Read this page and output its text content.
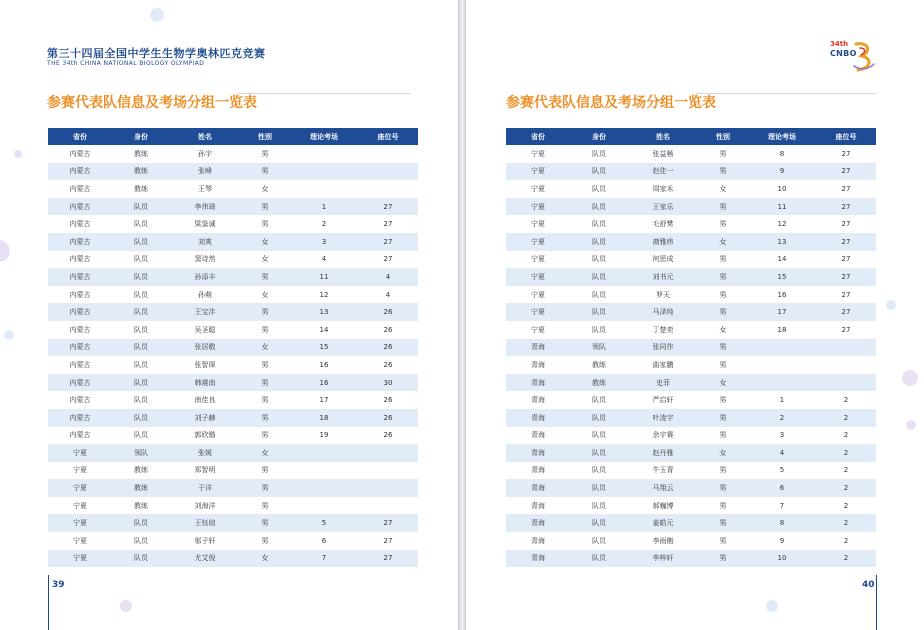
第三十四届全国中学生生物学奥林匹克竞赛
THE 34th CHINA NATIONAL BIOLOGY OLYMPIAD
参赛代表队信息及考场分组一览表
省份	身份	姓名	性别	理论考场	座位号
内蒙古	教练	孙宇	男		
内蒙古	教练	张峰	男		
内蒙古	教练	王琴	女		
内蒙古	队员	李伟琦	男	1	27
内蒙古	队员	梁鉴诚	男	2	27
内蒙古	队员	刘爽	女	3	27
内蒙古	队员	窦诗然	女	4	27
内蒙古	队员	孙添丰	男	11	4
内蒙古	队员	孙萌	女	12	4
内蒙古	队员	王宝沣	男	13	26
内蒙古	队员	吴圣聪	男	14	26
内蒙古	队员	张居敬	女	15	26
内蒙古	队员	张智琛	男	16	26
内蒙古	队员	韩震南	男	16	30
内蒙古	队员	南佳良	男	17	26
内蒙古	队员	刘子赫	男	18	26
内蒙古	队员	郭欣锴	男	19	26
宁夏	领队	张媛	女		
宁夏	教练	郑智明	男		
宁夏	教练	于洋	男		
宁夏	教练	刘海洋	男		
宁夏	队员	王钰煊	男	5	27
宁夏	队员	邬子轩	男	6	27
宁夏	队员	尤艾倪	女	7	27
39
34th
CNBO
参赛代表队信息及考场分组一览表
省份	身份	姓名	性别	理论考场	座位号
宁夏	队员	张益畅	男	8	27
宁夏	队员	赵佳一	男	9	27
宁夏	队员	周家禾	女	10	27
宁夏	队员	王家乐	男	11	27
宁夏	队员	毛舒樊	男	12	27
宁夏	队员	裔雅炜	女	13	27
宁夏	队员	何思成	男	14	27
宁夏	队员	刘书元	男	15	27
宁夏	队员	罗天	男	16	27
宁夏	队员	马泽纯	男	17	27
宁夏	队员	丁楚奕	女	18	27
青海	领队	张同作	男		
青海	教练	曲家鹏	男		
青海	教练	史菲	女		
青海	队员	严启轩	男	1	2
青海	队员	叶凌宇	男	2	2
青海	队员	余宇赛	男	3	2
青海	队员	赵丹雅	女	4	2
青海	队员	牛玉青	男	5	2
青海	队员	马翔云	男	6	2
青海	队员	郝巍博	男	7	2
青海	队员	姜皓元	男	8	2
青海	队员	李雨衡	男	9	2
青海	队员	李梓轩	男	10	2
40
